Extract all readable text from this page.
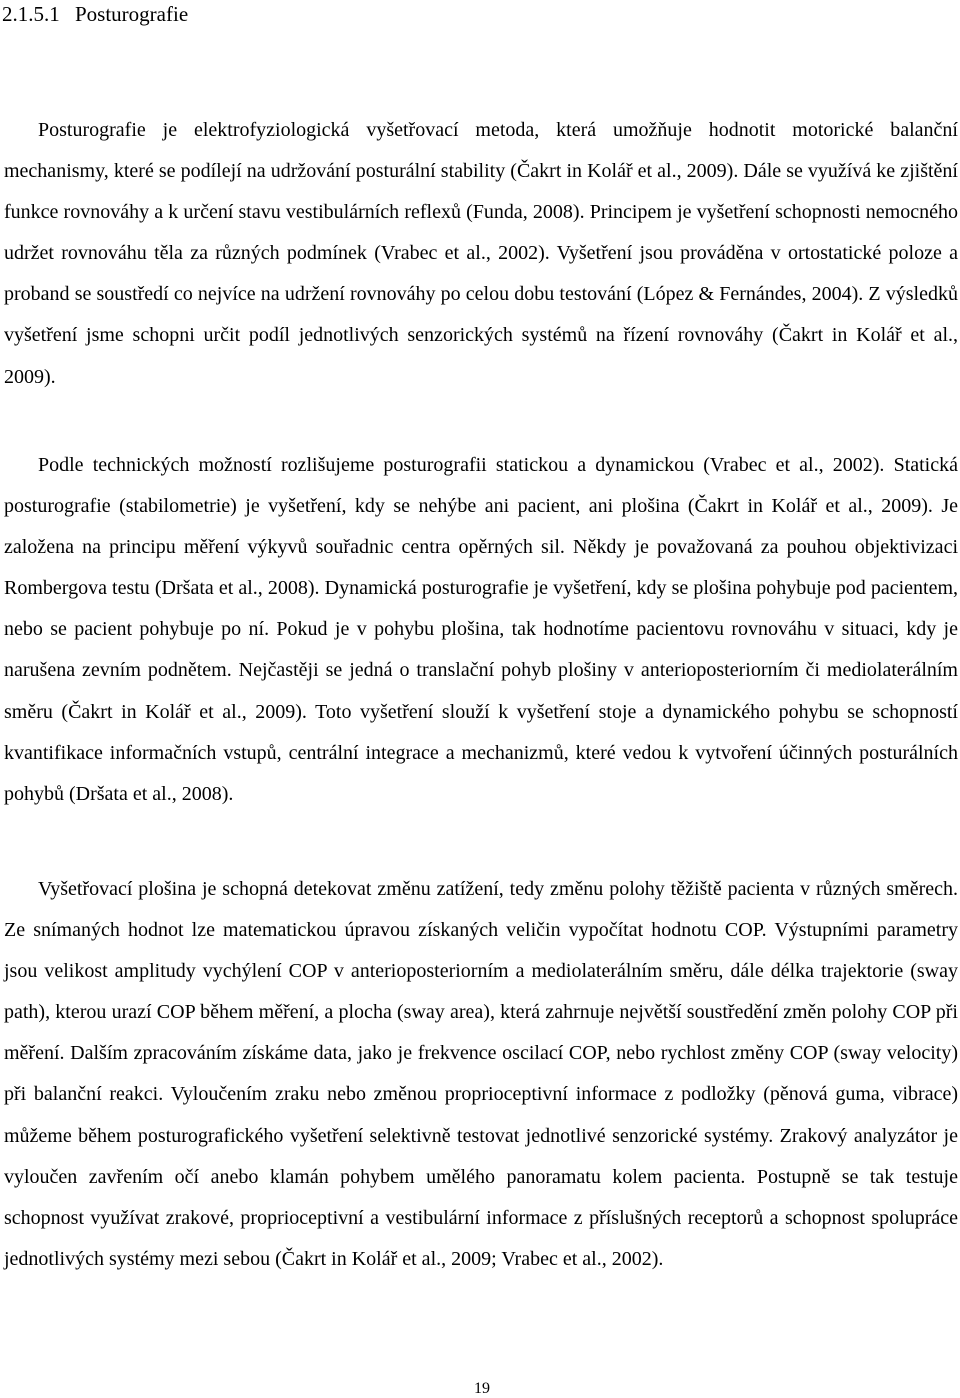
2.1.5.1 Posturografie

Posturografie je elektrofyziologická vyšetřovací metoda, která umožňuje hodnotit motorické balanční mechanismy, které se podílejí na udržování posturální stability (Čakrt in Kolář et al., 2009). Dále se využívá ke zjištění funkce rovnováhy a k určení stavu vestibulárních reflexů (Funda, 2008). Principem je vyšetření schopnosti nemocného udržet rovnováhu těla za různých podmínek (Vrabec et al., 2002). Vyšetření jsou prováděna v ortostatické poloze a proband se soustředí co nejvíce na udržení rovnováhy po celou dobu testování (López & Fernándes, 2004). Z výsledků vyšetření jsme schopni určit podíl jednotlivých senzorických systémů na řízení rovnováhy (Čakrt in Kolář et al., 2009).

Podle technických možností rozlišujeme posturografii statickou a dynamickou (Vrabec et al., 2002). Statická posturografie (stabilometrie) je vyšetření, kdy se nehýbe ani pacient, ani plošina (Čakrt in Kolář et al., 2009). Je založena na principu měření výkyvů souřadnic centra opěrných sil. Někdy je považovaná za pouhou objektivizaci Rombergova testu (Dršata et al., 2008). Dynamická posturografie je vyšetření, kdy se plošina pohybuje pod pacientem, nebo se pacient pohybuje po ní. Pokud je v pohybu plošina, tak hodnotíme pacientovu rovnováhu v situaci, kdy je narušena zevním podnětem. Nejčastěji se jedná o translační pohyb plošiny v anterioposteriorním či mediolaterálním směru (Čakrt in Kolář et al., 2009). Toto vyšetření slouží k vyšetření stoje a dynamického pohybu se schopností kvantifikace informačních vstupů, centrální integrace a mechanizmů, které vedou k vytvoření účinných posturálních pohybů (Dršata et al., 2008).

Vyšetřovací plošina je schopná detekovat změnu zatížení, tedy změnu polohy těžiště pacienta v různých směrech. Ze snímaných hodnot lze matematickou úpravou získaných veličin vypočítat hodnotu COP. Výstupními parametry jsou velikost amplitudy vychýlení COP v anterioposteriorním a mediolaterálním směru, dále délka trajektorie (sway path), kterou urazí COP během měření, a plocha (sway area), která zahrnuje největší soustředění změn polohy COP při měření. Dalším zpracováním získáme data, jako je frekvence oscilací COP, nebo rychlost změny COP (sway velocity) při balanční reakci. Vyloučením zraku nebo změnou proprioceptivní informace z podložky (pěnová guma, vibrace) můžeme během posturografického vyšetření selektivně testovat jednotlivé senzorické systémy. Zrakový analyzátor je vyloučen zavřením očí anebo klamán pohybem umělého panoramatu kolem pacienta. Postupně se tak testuje schopnost využívat zrakové, proprioceptivní a vestibulární informace z příslušných receptorů a schopnost spolupráce jednotlivých systémy mezi sebou (Čakrt in Kolář et al., 2009; Vrabec et al., 2002).

19
